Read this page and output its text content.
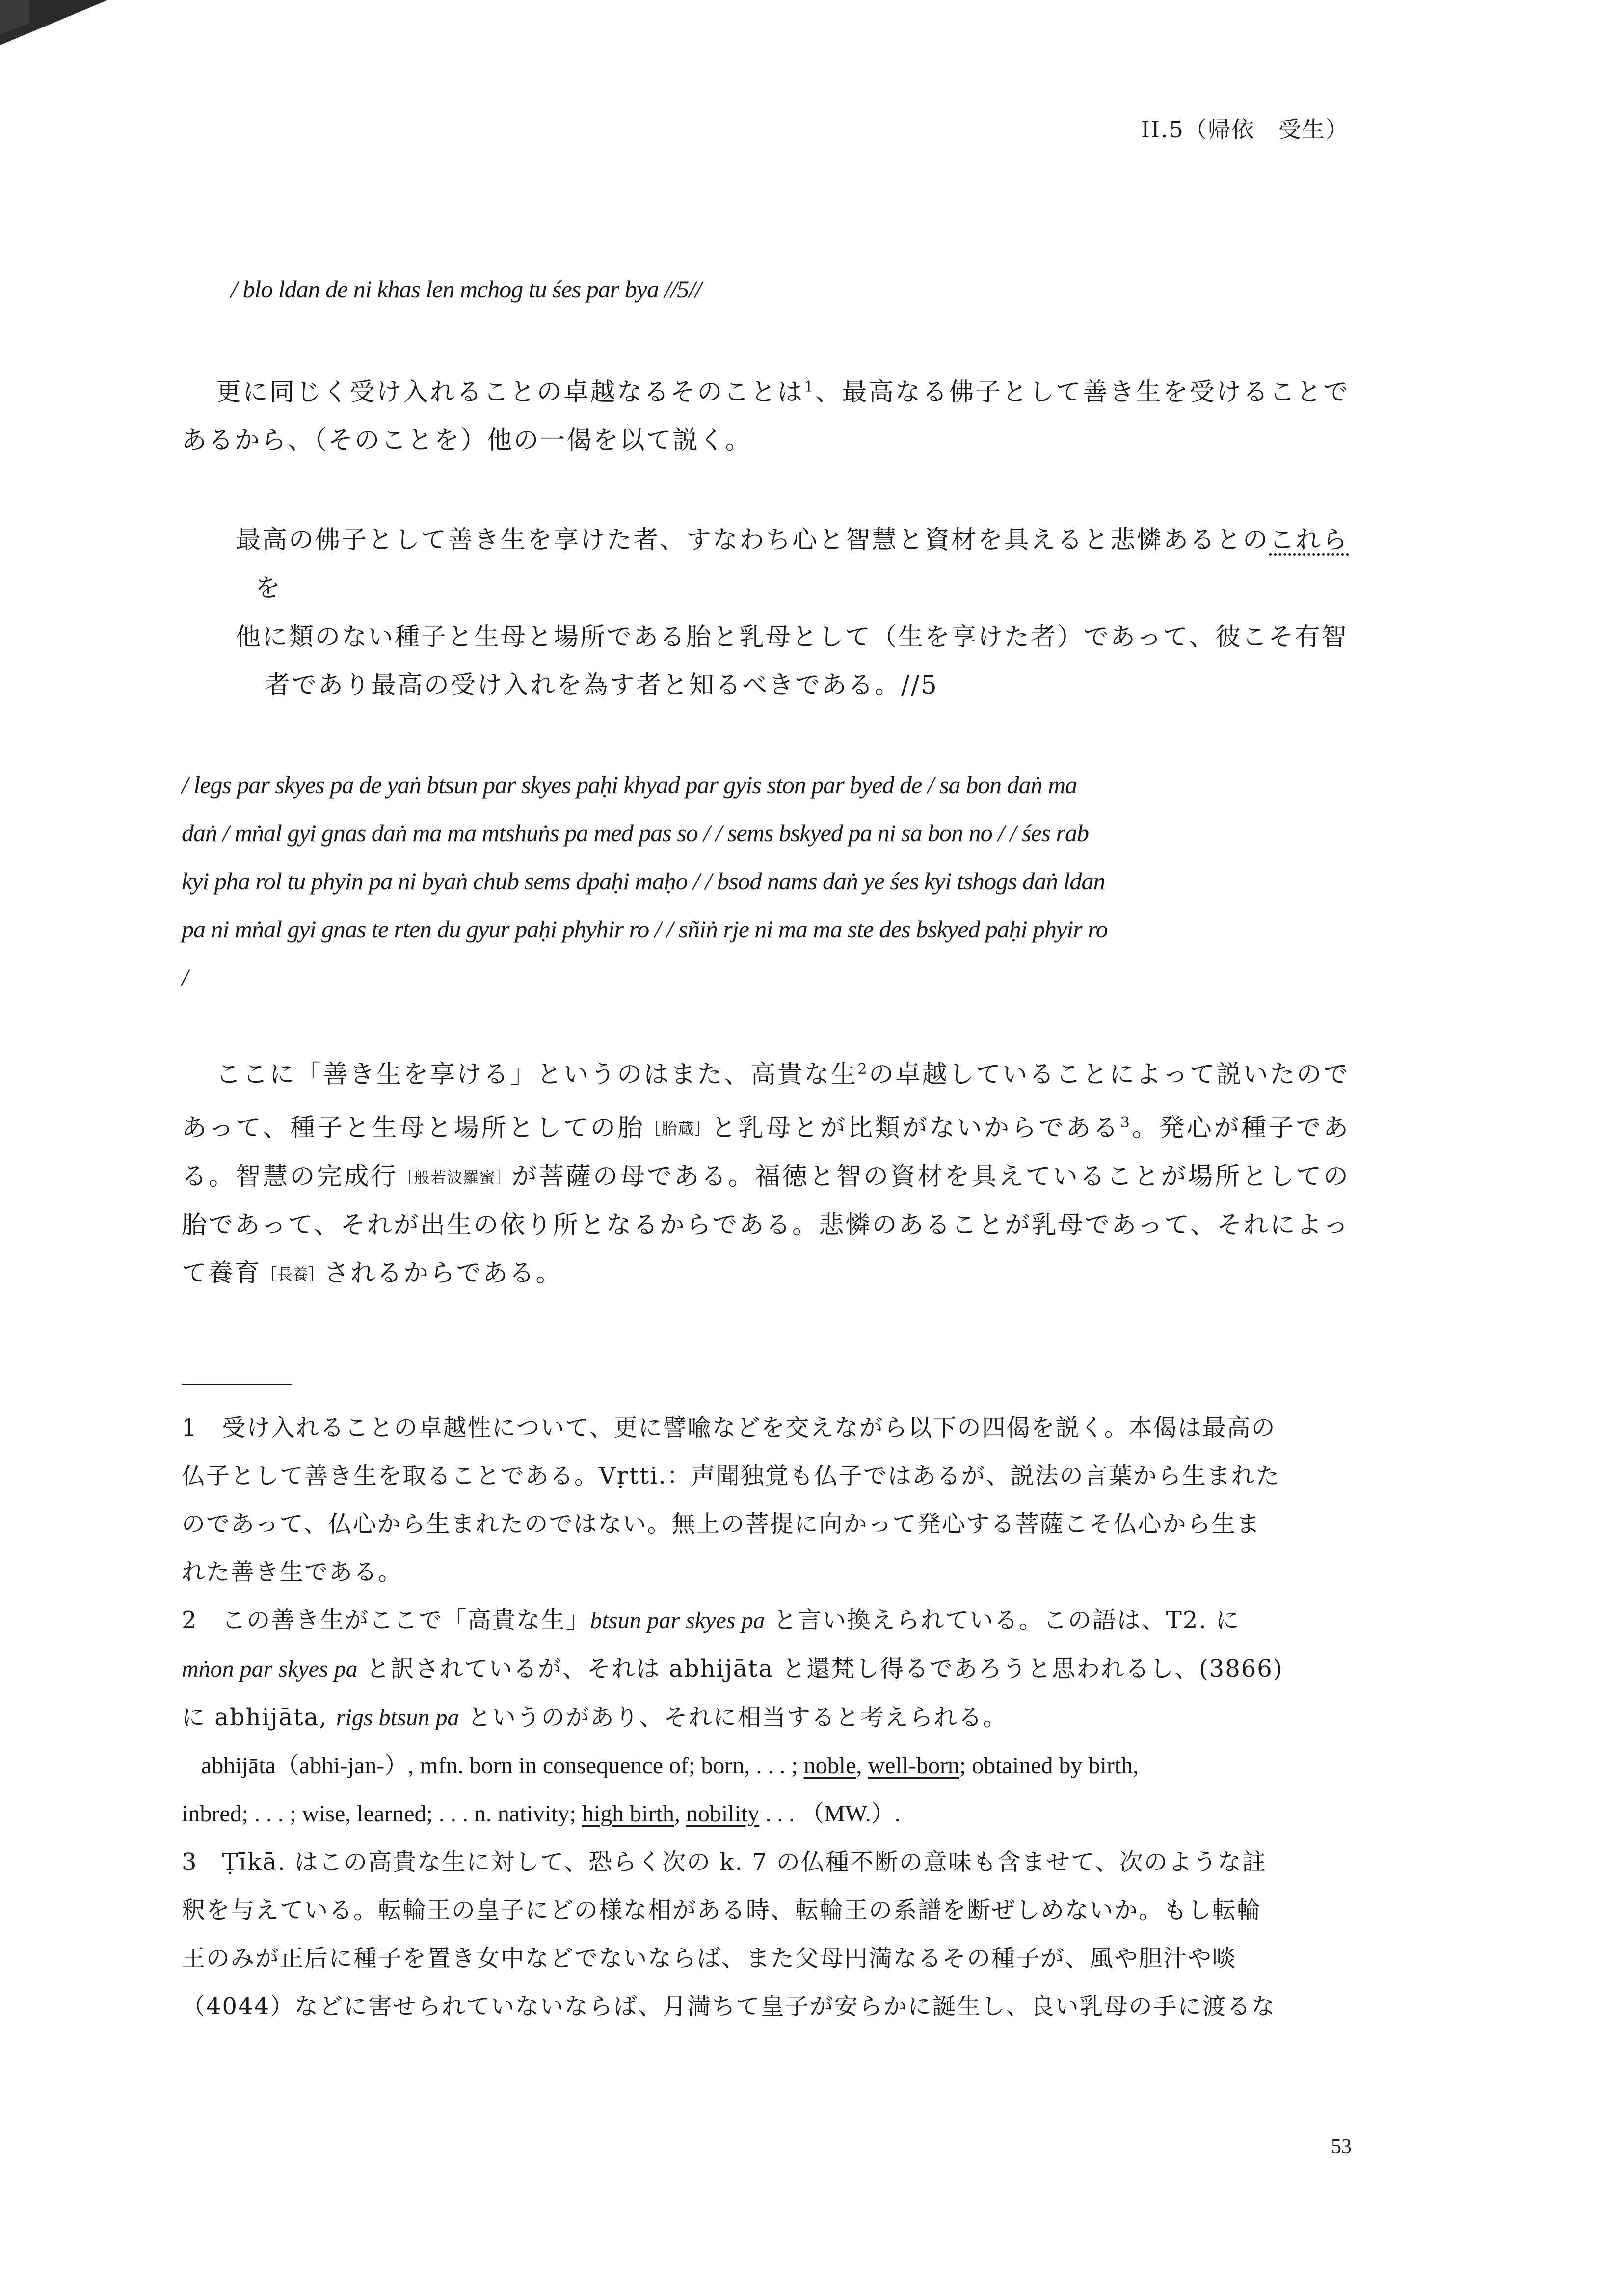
II.5（帰依　受生）
/ blo ldan de ni khas len mchog tu śes par bya //5//

更に同じく受け入れることの卓越なるそのことは$^1$、最高なる佛子として善き生を受けることであるから、（そのことを）他の一偈を以て説く。

最高の佛子として善き生を享けた者、すなわち心と智慧と資材を具えると悲憐あるとのこれら
を
他に類のない種子と生母と場所である胎と乳母として（生を享けた者）であって、彼こそ有智
者であり最高の受け入れを為す者と知るべきである。//5
/ legs par skyes pa de yaṅ btsun par skyes paḥi khyad par gyis ston par byed de / sa bon daṅ ma
daṅ / mṅal gyi gnas daṅ ma ma mtshuṅs pa med pas so / / sems bskyed pa ni sa bon no / / śes rab
kyi pha rol tu phyin pa ni byaṅ chub sems dpaḥi maḥo / / bsod nams daṅ ye śes kyi tshogs daṅ ldan
pa ni mṅal gyi gnas te rten du gyur paḥi phyhir ro / / sñiṅ rje ni ma ma ste des bskyed paḥi phyir ro
/

ここに「善き生を享ける」というのはまた、高貴な生$^2$の卓越していることによって説いたのであって、種子と生母と場所としての胎［胎蔵］と乳母とが比類がないからである$^3$。発心が種子である。智慧の完成行［般若波羅蜜］が菩薩の母である。福徳と智の資材を具えていることが場所としての胎であって、それが出生の依り所となるからである。悲憐のあることが乳母であって、それによって養育［長養］されるからである。

1　受け入れることの卓越性について、更に譬喩などを交えながら以下の四偈を説く。本偈は最高の
仏子として善き生を取ることである。Vṛtti.：声聞独覚も仏子ではあるが、説法の言葉から生まれた
のであって、仏心から生まれたのではない。無上の菩提に向かって発心する菩薩こそ仏心から生ま
れた善き生である。
2　この善き生がここで「高貴な生」btsun par skyes pa と言い換えられている。この語は、T2. に
mṅon par skyes pa と訳されているが、それは abhijāta と還梵し得るであろうと思われるし、(3866)
に abhijāta, rigs btsun pa というのがあり、それに相当すると考えられる。
abhijāta（abhi-jan-）, mfn. born in consequence of; born, . . . ; noble, well-born; obtained by birth,
inbred; . . . ; wise, learned; . . . n. nativity; high birth, nobility . . . （MW.）.
3　Ṭīkā. はこの高貴な生に対して、恐らく次の k. 7 の仏種不断の意味も含ませて、次のような註
釈を与えている。転輪王の皇子にどの様な相がある時、転輪王の系譜を断ぜしめないか。もし転輪
王のみが正后に種子を置き女中などでないならば、また父母円満なるその種子が、風や胆汁や啖
（4044）などに害せられていないならば、月満ちて皇子が安らかに誕生し、良い乳母の手に渡るな
53
